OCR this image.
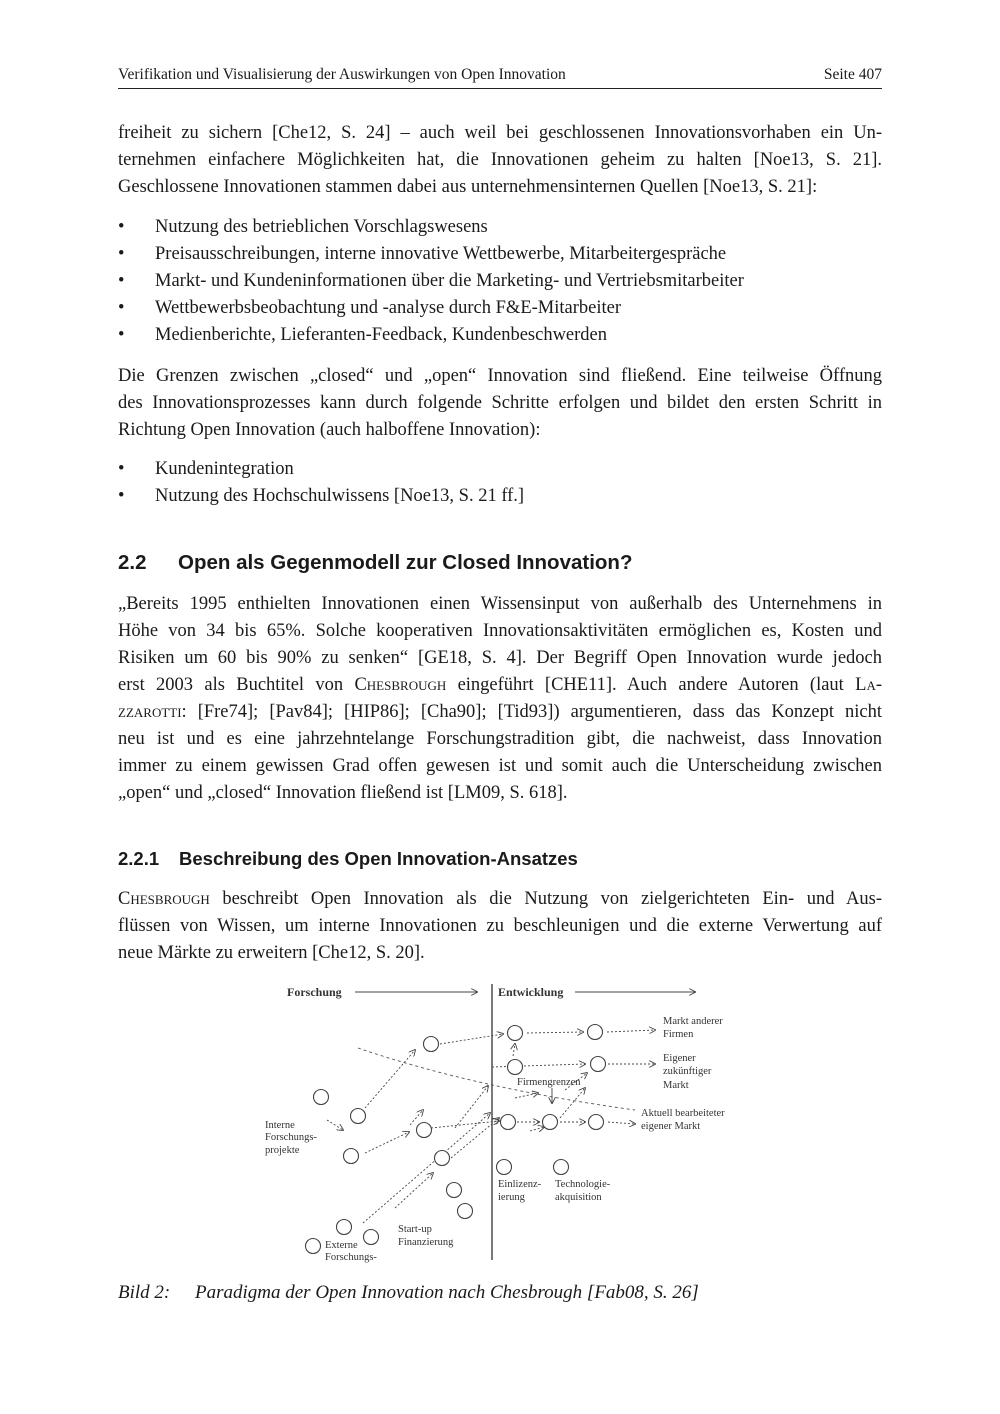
Verifikation und Visualisierung der Auswirkungen von Open Innovation	Seite 407
freiheit zu sichern [Che12, S. 24] – auch weil bei geschlossenen Innovationsvorhaben ein Un-
ternehmen einfachere Möglichkeiten hat, die Innovationen geheim zu halten [Noe13, S. 21].
Geschlossene Innovationen stammen dabei aus unternehmensinternen Quellen [Noe13, S. 21]:
• Nutzung des betrieblichen Vorschlagswesens
• Preisausschreibungen, interne innovative Wettbewerbe, Mitarbeitergespräche
• Markt- und Kundeninformationen über die Marketing- und Vertriebsmitarbeiter
• Wettbewerbsbeobachtung und -analyse durch F&E-Mitarbeiter
• Medienberichte, Lieferanten-Feedback, Kundenbeschwerden
Die Grenzen zwischen „closed“ und „open“ Innovation sind fließend. Eine teilweise Öffnung
des Innovationsprozesses kann durch folgende Schritte erfolgen und bildet den ersten Schritt in
Richtung Open Innovation (auch halboffene Innovation):
• Kundenintegration
• Nutzung des Hochschulwissens [Noe13, S. 21 ff.]
2.2 Open als Gegenmodell zur Closed Innovation?
„Bereits 1995 enthielten Innovationen einen Wissensinput von außerhalb des Unternehmens in
Höhe von 34 bis 65%. Solche kooperativen Innovationsaktivitäten ermöglichen es, Kosten und
Risiken um 60 bis 90% zu senken“ [GE18, S. 4]. Der Begriff Open Innovation wurde jedoch
erst 2003 als Buchtitel von Chesbrough eingeführt [CHE11]. Auch andere Autoren (laut La-
zzarotti: [Fre74]; [Pav84]; [HIP86]; [Cha90]; [Tid93]) argumentieren, dass das Konzept nicht
neu ist und es eine jahrzehntelange Forschungstradition gibt, die nachweist, dass Innovation
immer zu einem gewissen Grad offen gewesen ist und somit auch die Unterscheidung zwischen
„open“ und „closed“ Innovation fließend ist [LM09, S. 618].
2.2.1 Beschreibung des Open Innovation-Ansatzes
Chesbrough beschreibt Open Innovation als die Nutzung von zielgerichteten Ein- und Aus-
flüssen von Wissen, um interne Innovationen zu beschleunigen und die externe Verwertung auf
neue Märkte zu erweitern [Che12, S. 20].
Forschung	Entwicklung
Markt anderer
Firmen
Eigener
zukünftiger
Markt
Firmengrenzen
Aktuell bearbeiteter
eigener Markt
Interne
Forschungs-
projekte
Einlizenz-
ierung
Technologie-
akquisition
Start-up
Finanzierung
Externe
Forschungs-
Bild 2: Paradigma der Open Innovation nach Chesbrough [Fab08, S. 26]
